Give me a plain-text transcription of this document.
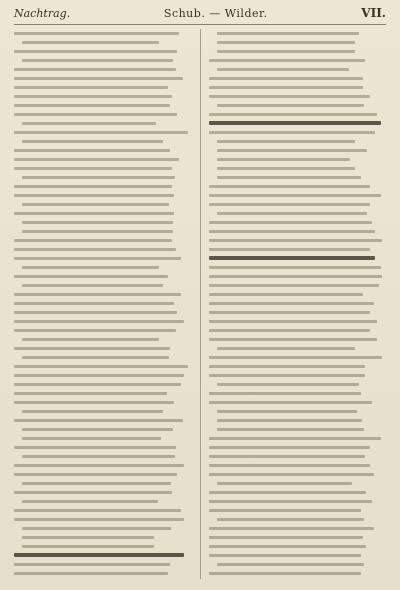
Nachtrag.	Schub. — Wilder.	VII.
